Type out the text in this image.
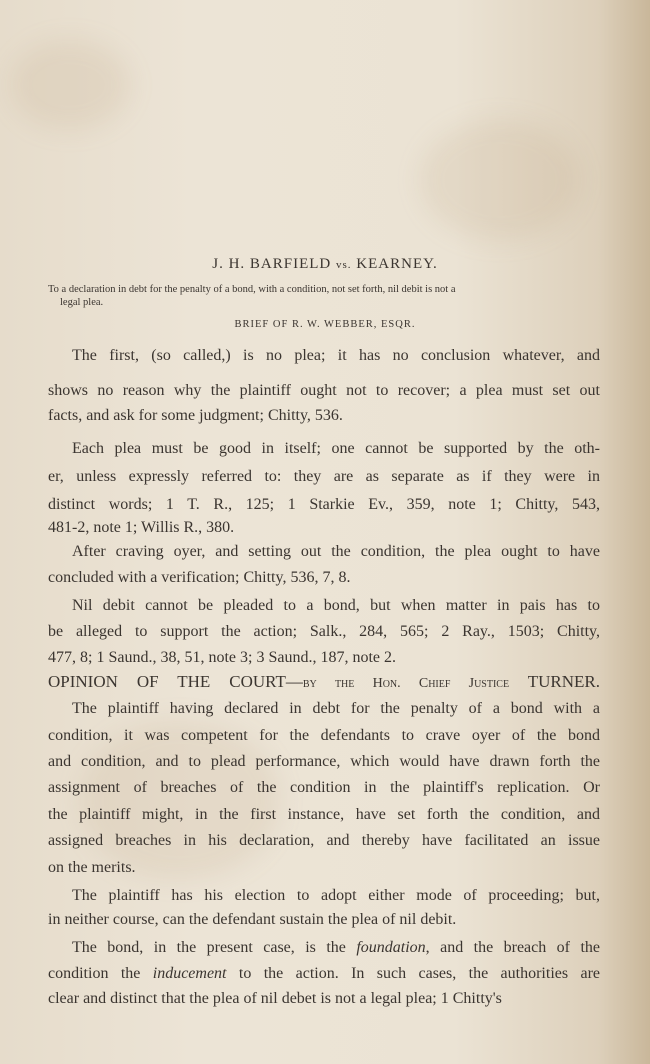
J. H. BARFIELD vs. KEARNEY.
To a declaration in debt for the penalty of a bond, with a condition, not set forth, nil debit is not a
legal plea.
BRIEF OF R. W. WEBBER, ESQR.
The first, (so called,) is no plea; it has no conclusion whatever, and
shows no reason why the plaintiff ought not to recover; a plea must set out
facts, and ask for some judgment; Chitty, 536.
Each plea must be good in itself; one cannot be supported by the oth-
er, unless expressly referred to: they are as separate as if they were in
distinct words; 1 T. R., 125; 1 Starkie Ev., 359, note 1; Chitty, 543,
481-2, note 1; Willis R., 380.
After craving oyer, and setting out the condition, the plea ought to have
concluded with a verification; Chitty, 536, 7, 8.
Nil debit cannot be pleaded to a bond, but when matter in pais has to
be alleged to support the action; Salk., 284, 565; 2 Ray., 1503; Chitty,
477, 8; 1 Saund., 38, 51, note 3; 3 Saund., 187, note 2.
OPINION OF THE COURT—by the Hon. Chief Justice TURNER.
The plaintiff having declared in debt for the penalty of a bond with a
condition, it was competent for the defendants to crave oyer of the bond
and condition, and to plead performance, which would have drawn forth the
assignment of breaches of the condition in the plaintiff's replication. Or
the plaintiff might, in the first instance, have set forth the condition, and
assigned breaches in his declaration, and thereby have facilitated an issue
on the merits.
The plaintiff has his election to adopt either mode of proceeding; but,
in neither course, can the defendant sustain the plea of nil debit.
The bond, in the present case, is the foundation, and the breach of the
condition the inducement to the action. In such cases, the authorities are
clear and distinct that the plea of nil debet is not a legal plea; 1 Chitty's
